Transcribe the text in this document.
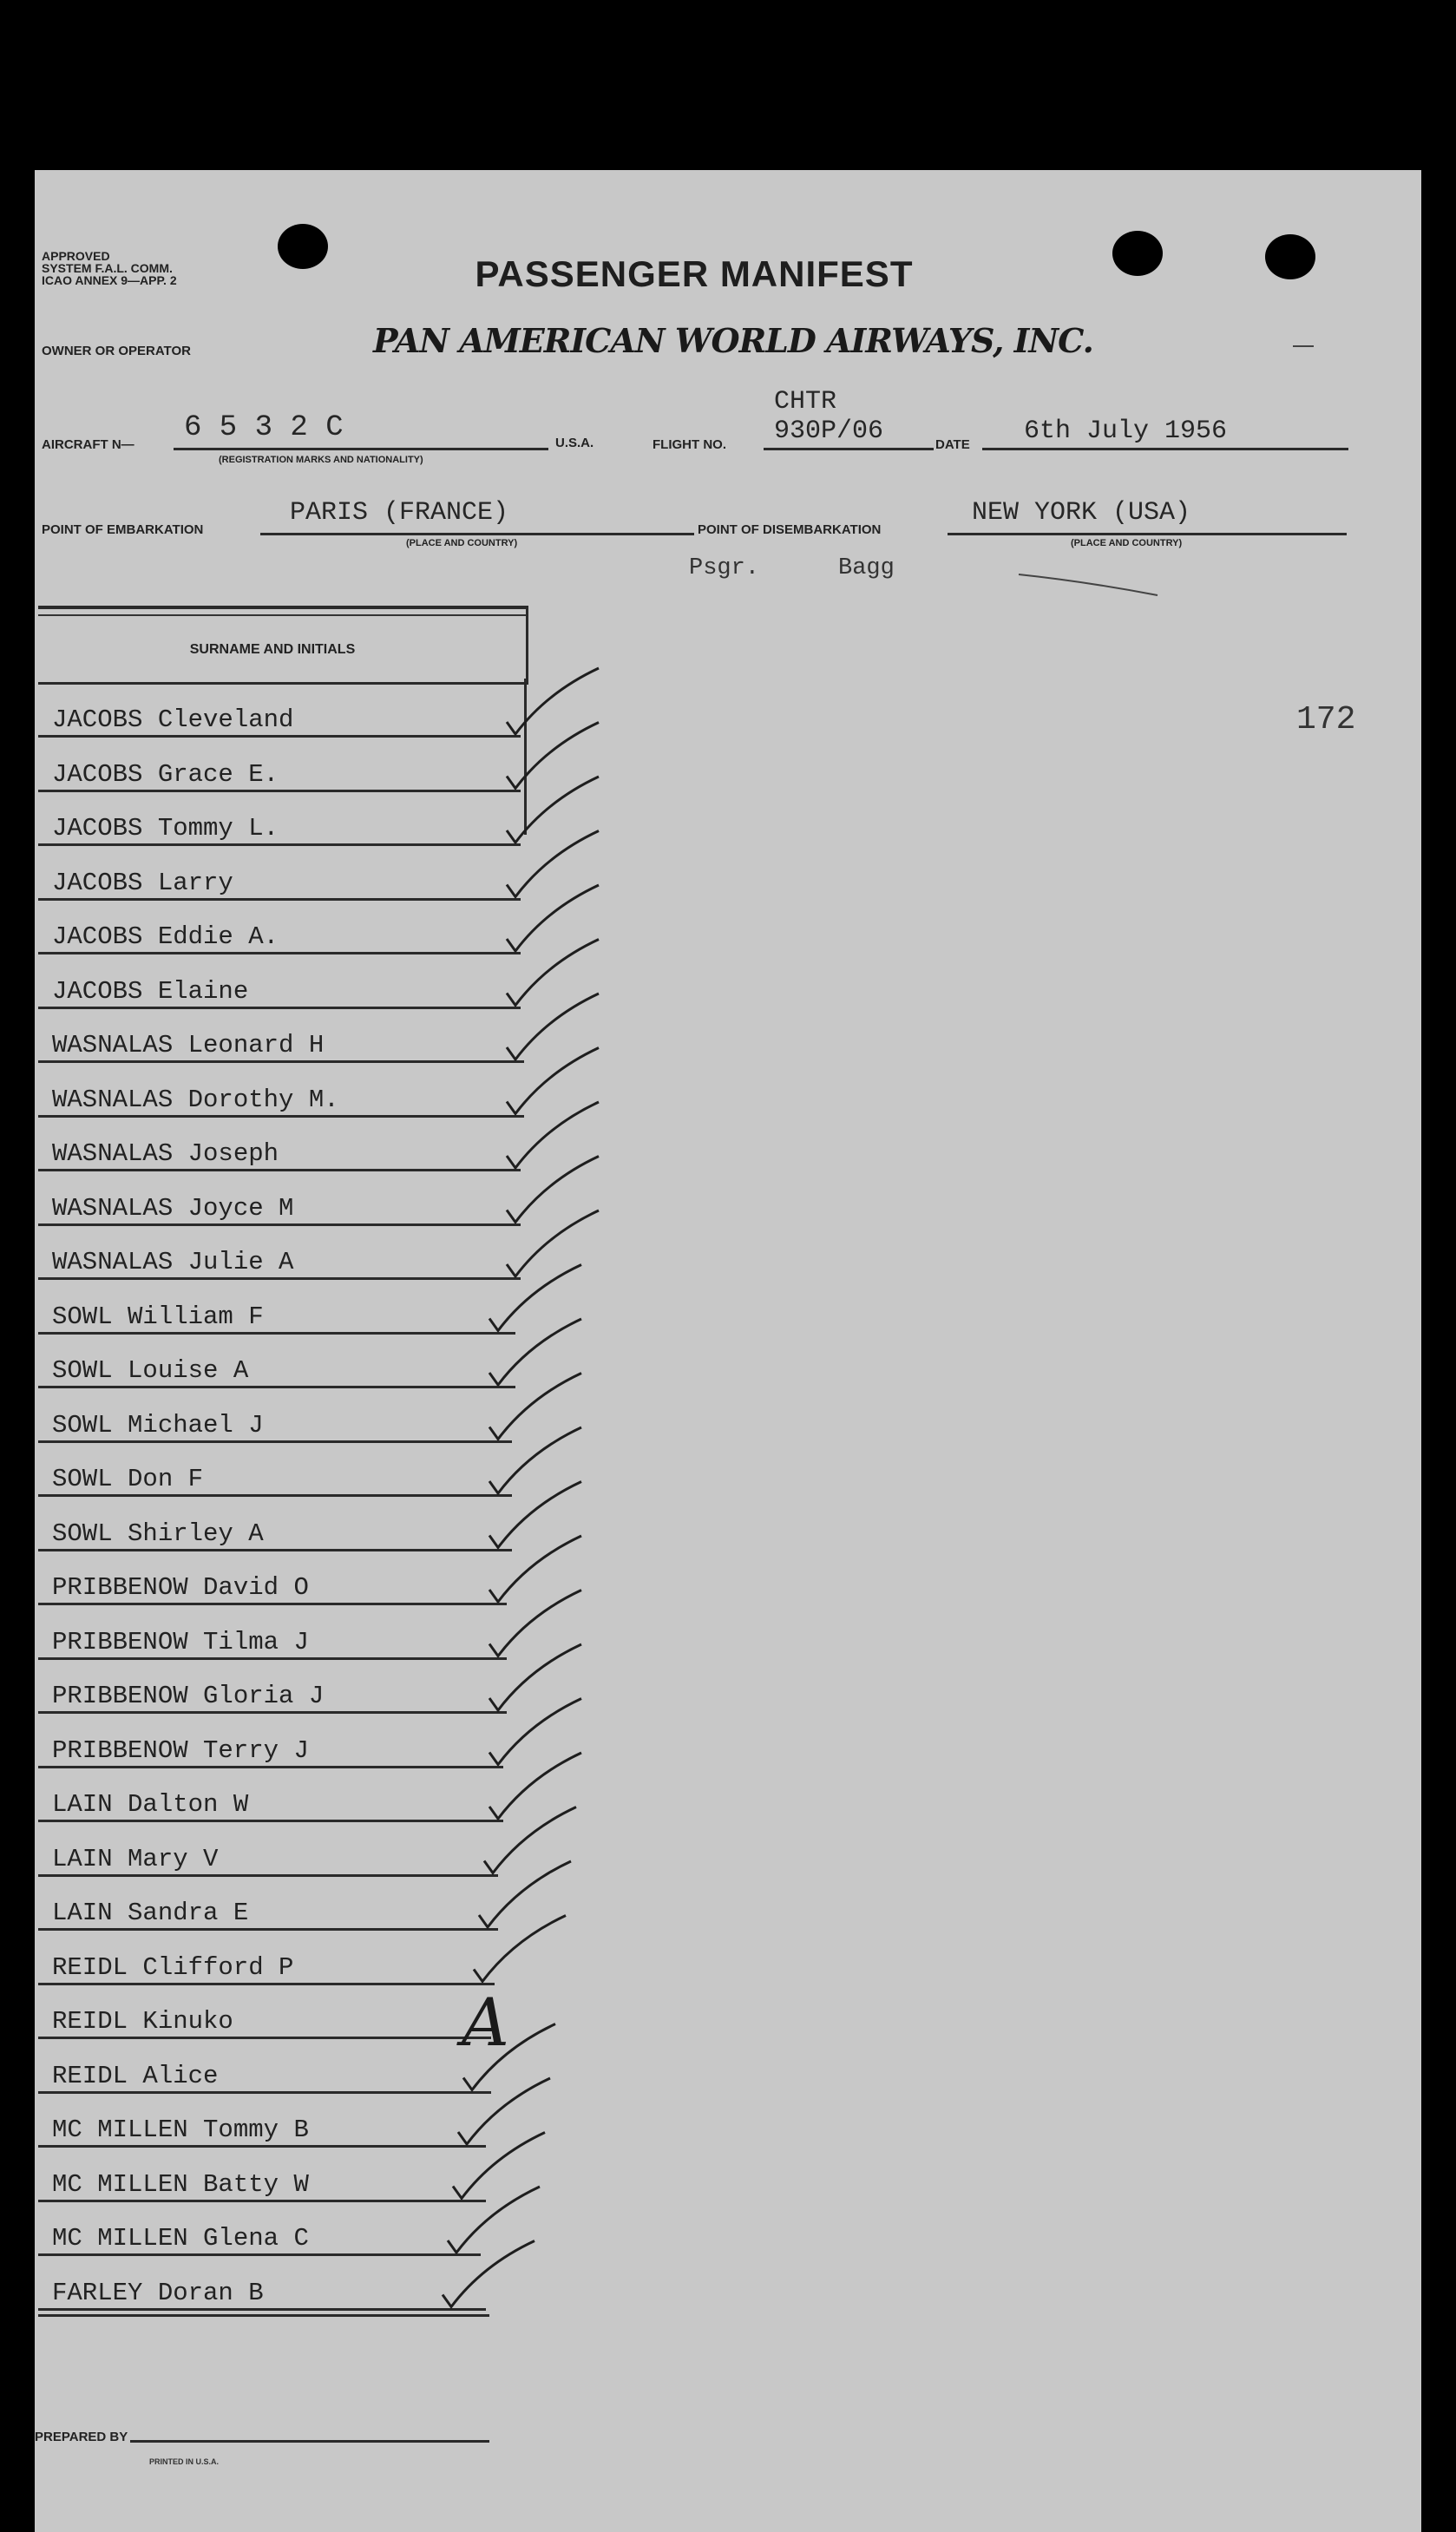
APPROVED
SYSTEM F.A.L. COMM.
ICAO ANNEX 9—APP. 2	PASSENGER MANIFEST
OWNER OR OPERATOR	PAN AMERICAN WORLD AIRWAYS, INC.
AIRCRAFT N—
6 5 3 2 C
(REGISTRATION MARKS AND NATIONALITY)
U.S.A.	FLIGHT NO.
CHTR
930P/06	DATE 6th July 1956
POINT OF EMBARKATION
PARIS (FRANCE)
(PLACE AND COUNTRY)
POINT OF DISEMBARKATION
NEW YORK (USA)
(PLACE AND COUNTRY)
Psgr.	Bagg
SURNAME AND INITIALS
172
JACOBS Cleveland
JACOBS Grace E.
JACOBS Tommy L.
JACOBS Larry
JACOBS Eddie A.
JACOBS Elaine
WASNALAS Leonard H
WASNALAS Dorothy M.
WASNALAS Joseph
WASNALAS Joyce M
WASNALAS Julie A
SOWL William F
SOWL Louise A
SOWL Michael J
SOWL Don F
SOWL Shirley A
PRIBBENOW David O
PRIBBENOW Tilma J
PRIBBENOW Gloria J
PRIBBENOW Terry J
LAIN Dalton W
LAIN Mary V
LAIN Sandra E
REIDL Clifford P
REIDL Kinuko
REIDL Alice
MC MILLEN Tommy B
MC MILLEN Batty W
MC MILLEN Glena C
FARLEY Doran B
A
PREPARED BY
PRINTED IN U.S.A.
